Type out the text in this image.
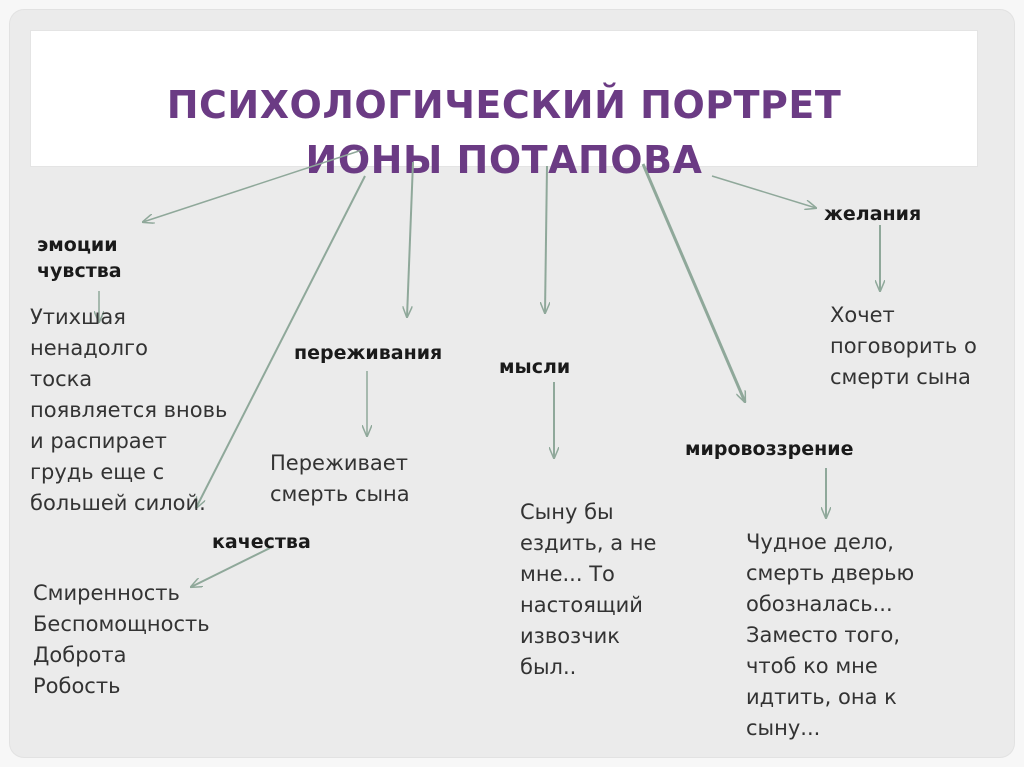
ПСИХОЛОГИЧЕСКИЙ ПОРТРЕТ
ИОНЫ ПОТАПОВА
эмоции
чувства
Утихшая
ненадолго
тоска
появляется вновь
и распирает
грудь еще с
большей силой.
переживания
Переживает
смерть сына
мысли
Сыну бы
ездить, а не
мне... То
настоящий
извозчик
был..
желания
Хочет
поговорить о
смерти сына
мировоззрение
Чудное дело,
смерть дверью
обозналась...
Заместо того,
чтоб ко мне
идтить, она к
сыну...
качества
Смиренность
Беспомощность
Доброта
Робость
